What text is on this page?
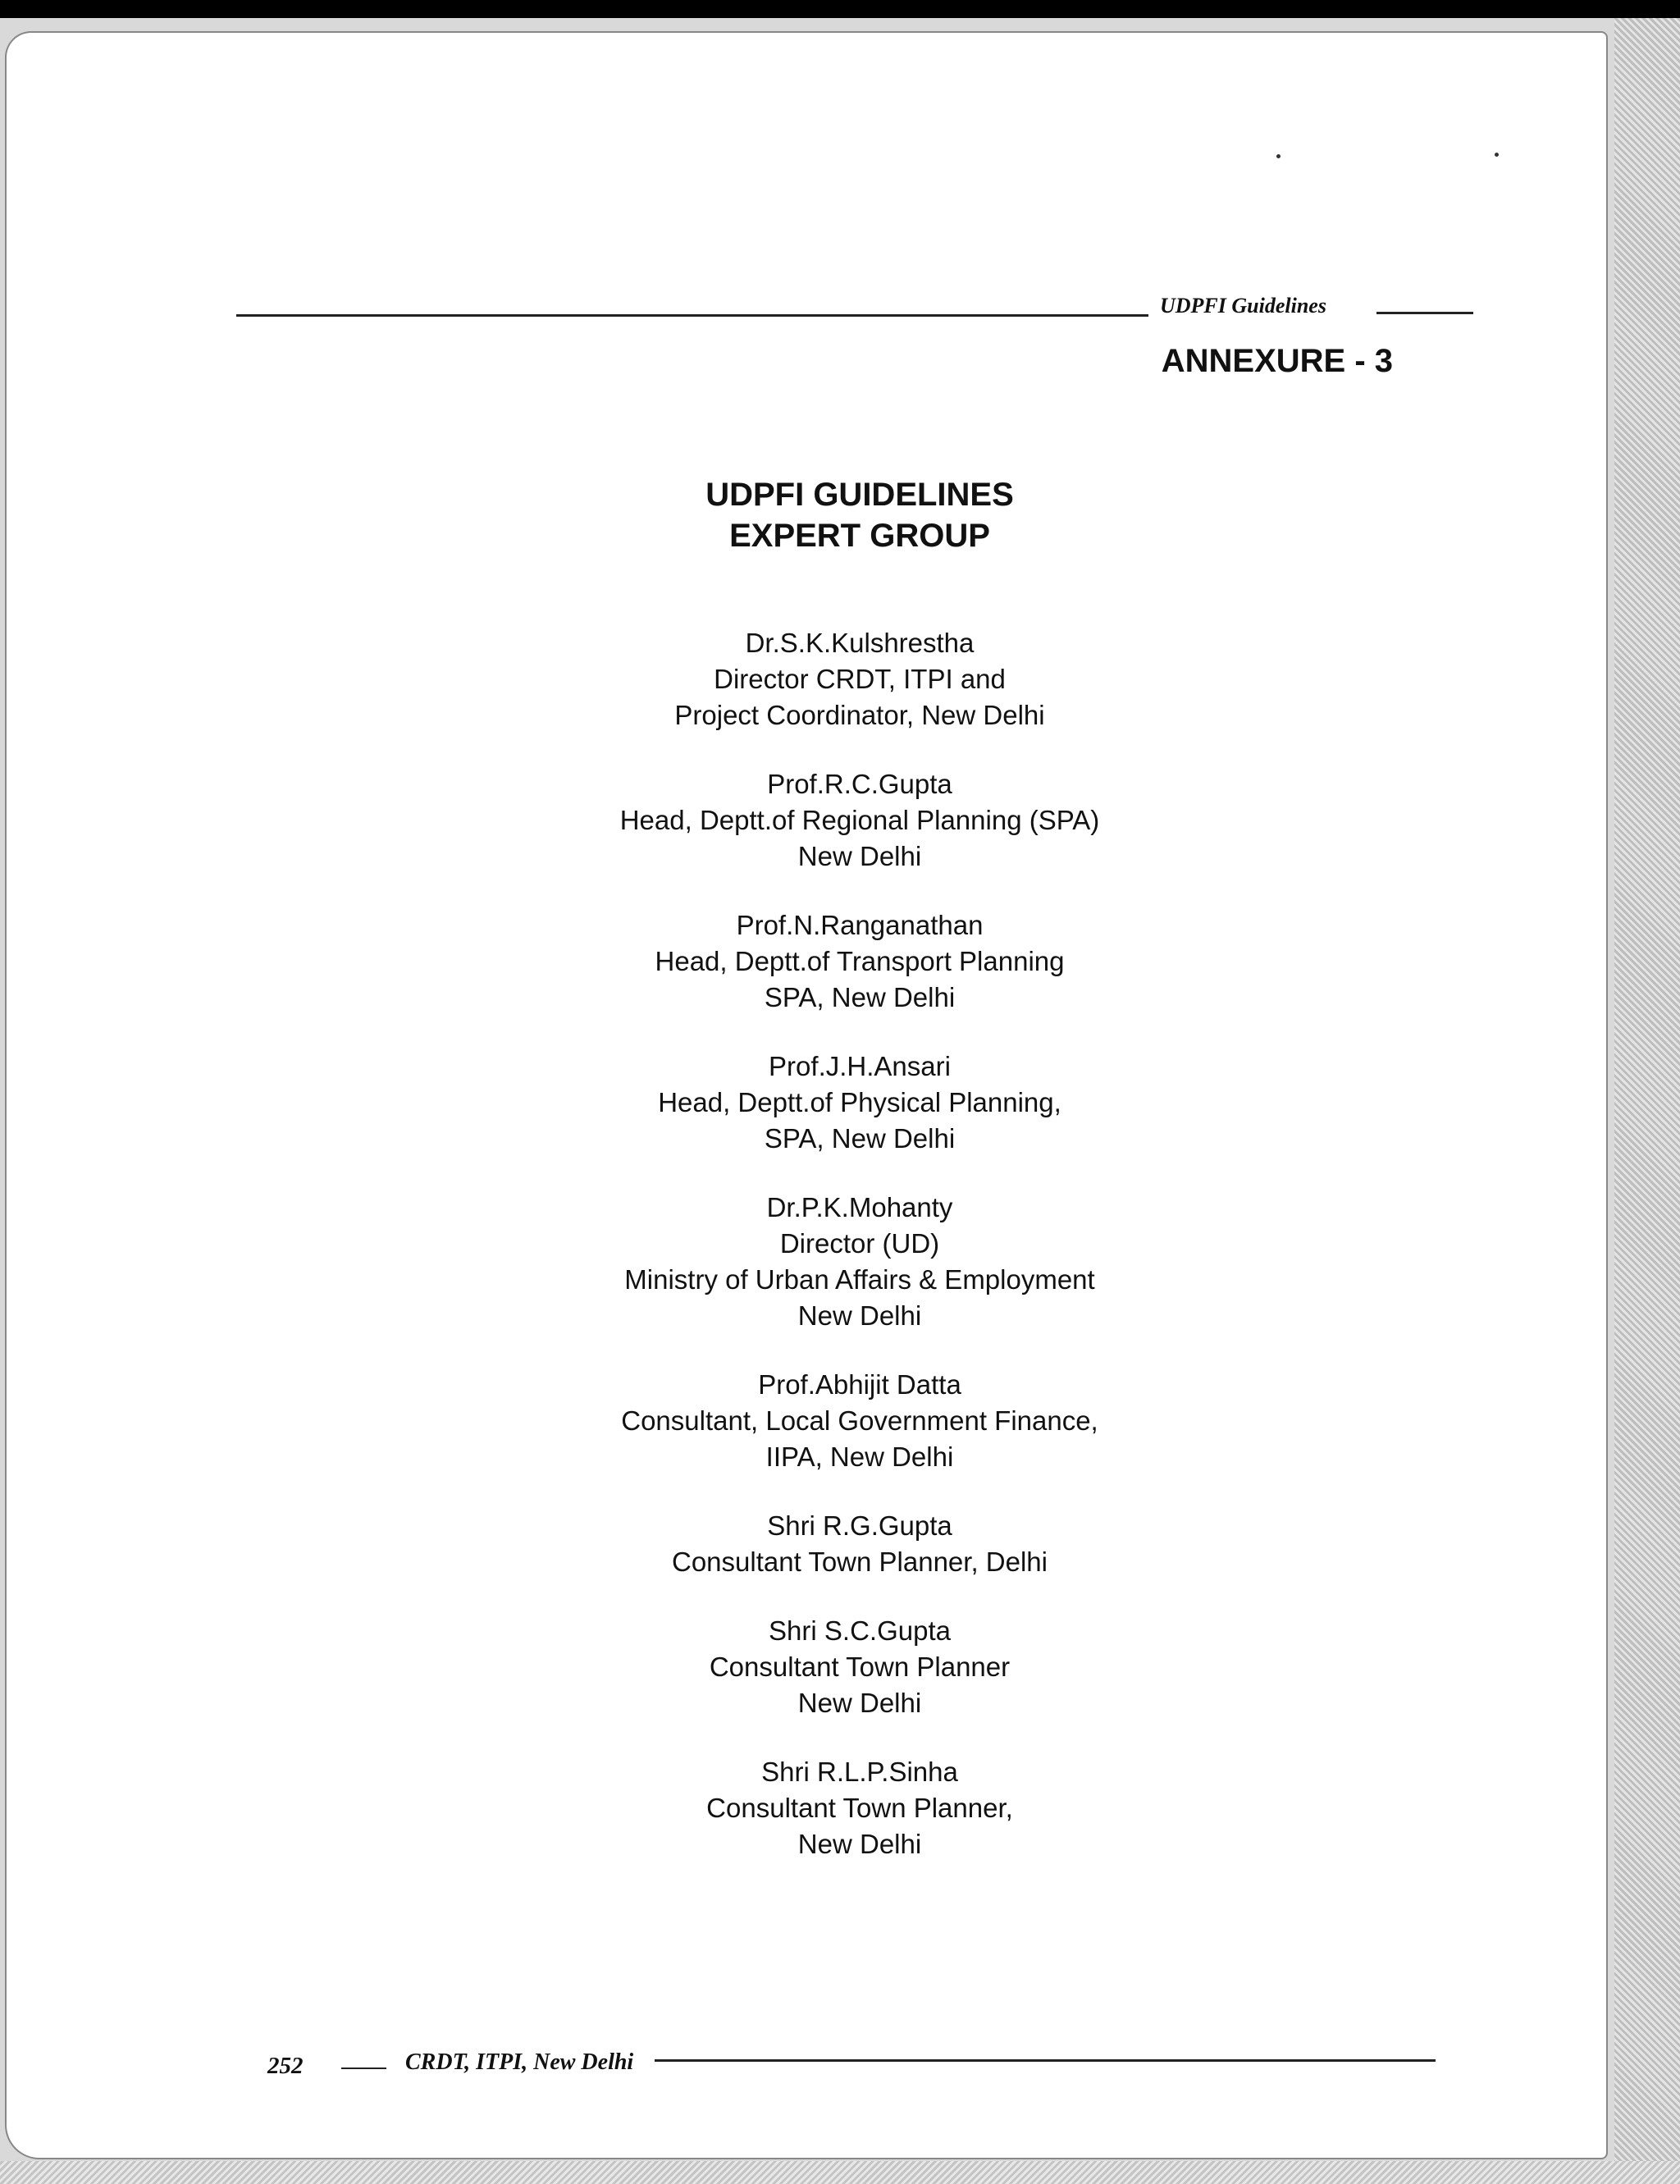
UDPFI Guidelines
ANNEXURE - 3
UDPFI GUIDELINES
EXPERT GROUP
Dr.S.K.Kulshrestha
Director CRDT, ITPI and
Project Coordinator, New Delhi
Prof.R.C.Gupta
Head, Deptt.of Regional Planning (SPA)
New Delhi
Prof.N.Ranganathan
Head, Deptt.of Transport Planning
SPA, New Delhi
Prof.J.H.Ansari
Head, Deptt.of Physical Planning,
SPA, New Delhi
Dr.P.K.Mohanty
Director (UD)
Ministry of Urban Affairs & Employment
New Delhi
Prof.Abhijit Datta
Consultant, Local Government Finance,
IIPA, New Delhi
Shri R.G.Gupta
Consultant Town Planner, Delhi
Shri S.C.Gupta
Consultant Town Planner
New Delhi
Shri R.L.P.Sinha
Consultant Town Planner,
New Delhi
252	CRDT, ITPI, New Delhi
